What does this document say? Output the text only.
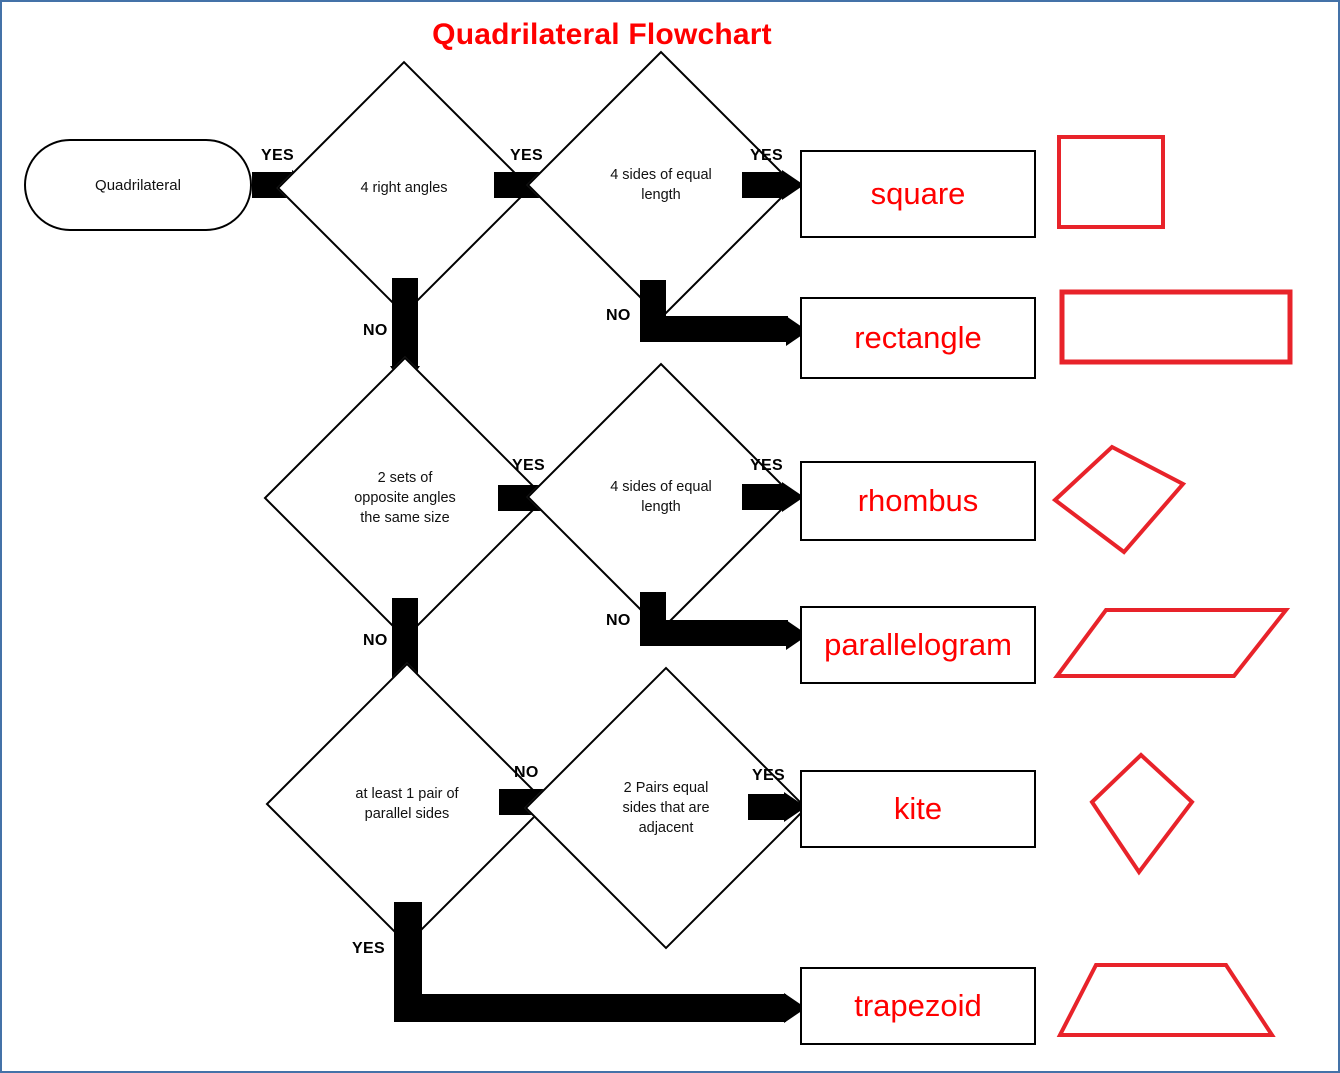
Quadrilateral Flowchart
Quadrilateral
YES
4 right angles
YES
4 sides of equal length
YES
square
NO
rectangle
NO
2 sets of opposite angles the same size
YES
4 sides of equal length
YES
rhombus
NO
parallelogram
NO
at least 1 pair of parallel sides
NO
2 Pairs equal sides that are adjacent
YES
kite
YES
trapezoid
